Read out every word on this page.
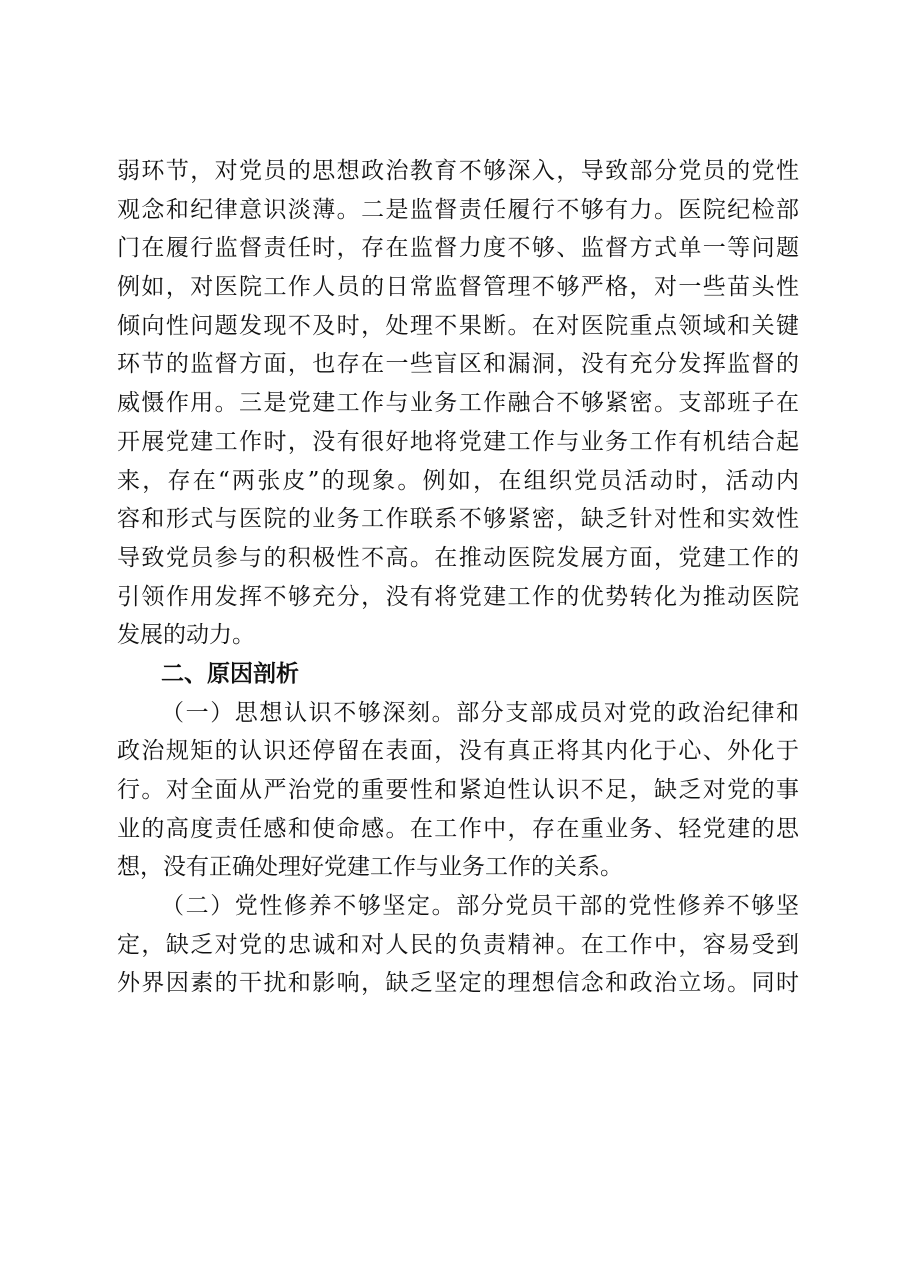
弱环节，对党员的思想政治教育不够深入，导致部分党员的党性
观念和纪律意识淡薄。二是监督责任履行不够有力。医院纪检部
门在履行监督责任时，存在监督力度不够、监督方式单一等问题
例如，对医院工作人员的日常监督管理不够严格，对一些苗头性
倾向性问题发现不及时，处理不果断。在对医院重点领域和关键
环节的监督方面，也存在一些盲区和漏洞，没有充分发挥监督的
威慑作用。三是党建工作与业务工作融合不够紧密。支部班子在
开展党建工作时，没有很好地将党建工作与业务工作有机结合起
来，存在“两张皮”的现象。例如，在组织党员活动时，活动内
容和形式与医院的业务工作联系不够紧密，缺乏针对性和实效性
导致党员参与的积极性不高。在推动医院发展方面，党建工作的
引领作用发挥不够充分，没有将党建工作的优势转化为推动医院
发展的动力。
二、原因剖析
（一）思想认识不够深刻。部分支部成员对党的政治纪律和
政治规矩的认识还停留在表面，没有真正将其内化于心、外化于
行。对全面从严治党的重要性和紧迫性认识不足，缺乏对党的事
业的高度责任感和使命感。在工作中，存在重业务、轻党建的思
想，没有正确处理好党建工作与业务工作的关系。
（二）党性修养不够坚定。部分党员干部的党性修养不够坚
定，缺乏对党的忠诚和对人民的负责精神。在工作中，容易受到
外界因素的干扰和影响，缺乏坚定的理想信念和政治立场。同时
